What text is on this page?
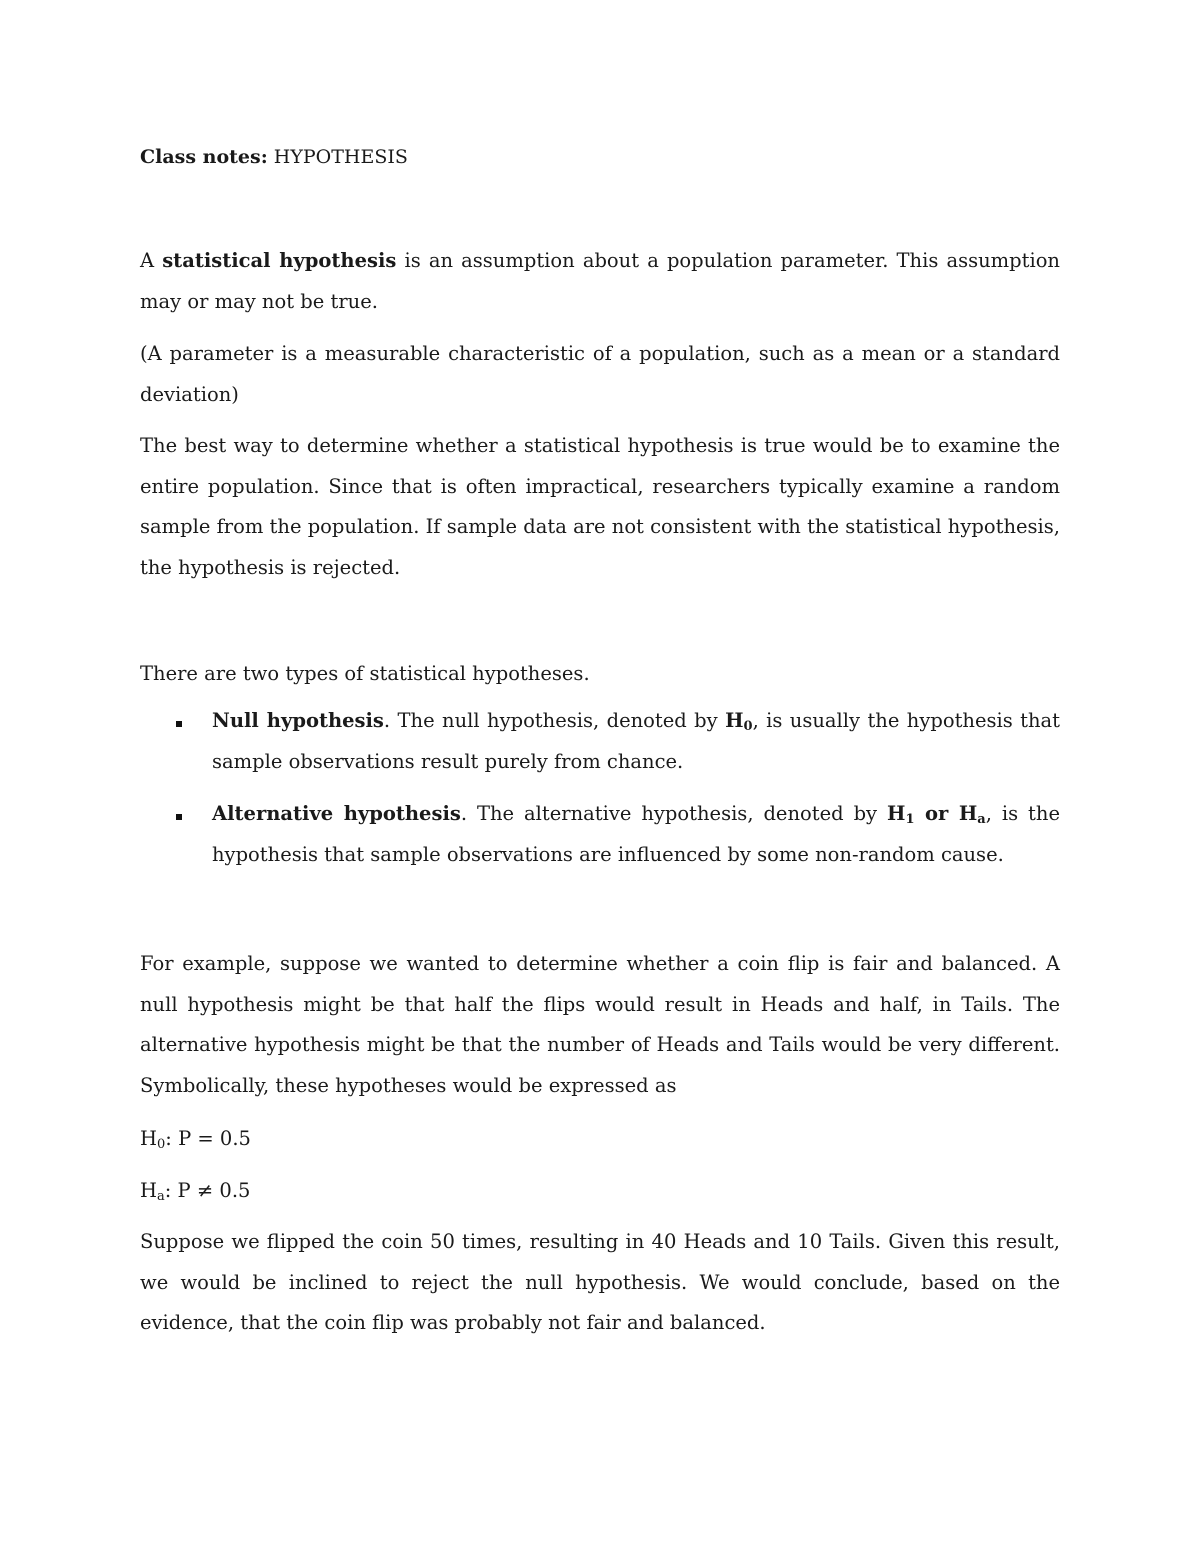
Class notes: HYPOTHESIS

A statistical hypothesis is an assumption about a population parameter. This assumption may or may not be true.

(A parameter is a measurable characteristic of a population, such as a mean or a standard deviation)

The best way to determine whether a statistical hypothesis is true would be to examine the entire population. Since that is often impractical, researchers typically examine a random sample from the population. If sample data are not consistent with the statistical hypothesis, the hypothesis is rejected.

There are two types of statistical hypotheses.

Null hypothesis. The null hypothesis, denoted by $H_0$, is usually the hypothesis that sample observations result purely from chance.

Alternative hypothesis. The alternative hypothesis, denoted by $H_1$ or $H_a$, is the hypothesis that sample observations are influenced by some non-random cause.

For example, suppose we wanted to determine whether a coin flip is fair and balanced. A null hypothesis might be that half the flips would result in Heads and half, in Tails. The alternative hypothesis might be that the number of Heads and Tails would be very different. Symbolically, these hypotheses would be expressed as

$H_0$: P = 0.5

$H_a$: P ≠ 0.5

Suppose we flipped the coin 50 times, resulting in 40 Heads and 10 Tails. Given this result, we would be inclined to reject the null hypothesis. We would conclude, based on the evidence, that the coin flip was probably not fair and balanced.
